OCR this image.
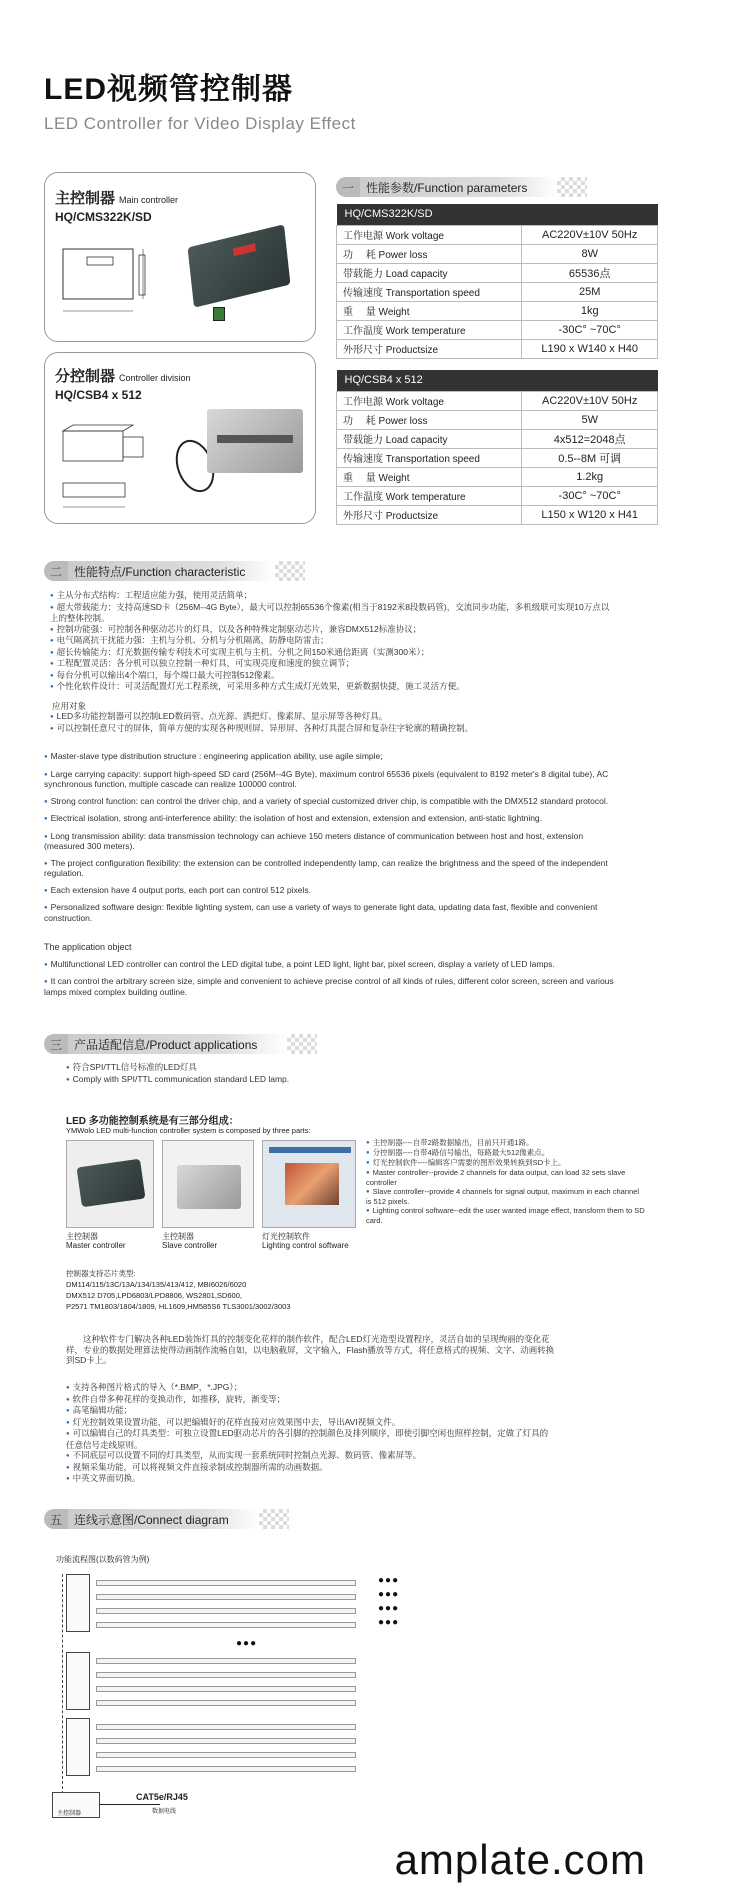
LED视频管控制器
LED Controller for Video Display Effect
主控制器 Main controller
HQ/CMS322K/SD
分控制器 Controller division
HQ/CSB4 x 512
一	性能参数/Function parameters
HQ/CMS322K/SD	
工作电源 Work voltage	AC220V±10V 50Hz
功　 耗 Power loss	8W
带载能力 Load capacity	65536点
传输速度 Transportation speed	25M
重　 量 Weight	1kg
工作温度 Work temperature	-30C° ~70C°
外形尺寸 Productsize	L190 x W140 x H40
HQ/CSB4 x 512	
工作电源 Work voltage	AC220V±10V 50Hz
功　 耗 Power loss	5W
带载能力 Load capacity	4x512=2048点
传输速度 Transportation speed	0.5--8M 可调
重　 量 Weight	1.2kg
工作温度 Work temperature	-30C° ~70C°
外形尺寸 Productsize	L150 x W120 x H41
二	性能特点/Function characteristic
● 主从分布式结构：工程适应能力强，使用灵活简单；
● 超大带载能力：支持高速SD卡（256M--4G Byte），最大可以控制65536个像素(相当于8192米8段数码管)，交流同步功能，多机级联可实现10万点以上的整体控制。
● 控制功能强：可控制各种驱动芯片的灯具，以及各种特殊定制驱动芯片，兼容DMX512标准协议；
● 电气隔离抗干扰能力强：主机与分机、分机与分机隔离，防静电防雷击；
● 超长传输能力：灯光数据传输专利技术可实现主机与主机、分机之间150米通信距离（实测300米）；
● 工程配置灵活：各分机可以独立控制一种灯具，可实现亮度和速度的独立调节；
● 每台分机可以输出4个端口，每个端口最大可控制512像素。
● 个性化软件设计：可灵活配置灯光工程系统，可采用多种方式生成灯光效果，更新数据快捷，施工灵活方便。
应用对象
● LED多功能控制器可以控制LED数码管、点光源、洒把灯、像素屏、显示屏等各种灯具。
● 可以控制任意尺寸的屏体，简单方便的实现各种规则屏、异形屏、各种灯具混合屏和复杂往字轮廓的精确控制。
● Master-slave type distribution structure : engineering application ability, use agile simple;
● Large carrying capacity: support high-speed SD card (256M--4G Byte), maximum control 65536 pixels (equivalent to 8192 meter's 8 digital tube), AC synchronous function, multiple cascade can realize 100000 control.
● Strong control function: can control the driver chip, and a variety of special customized driver chip, is compatible with the DMX512 standard protocol.
● Electrical isolation, strong anti-interference ability: the isolation of host and extension, extension and extension, anti-static lightning.
● Long transmission ability: data transmission technology can achieve 150 meters distance of communication between host and host, extension (measured 300 meters).
● The project configuration flexibility: the extension can be controlled independently lamp, can realize the brightness and the speed of the independent regulation.
● Each extension have 4 output ports, each port can control 512 pixels.
● Personalized software design: flexible lighting system, can use a variety of ways to generate light data, updating data fast, flexible and convenient construction.
The application object
● Multifunctional LED controller can control the LED digital tube, a point LED light, light bar, pixel screen, display a variety of LED lamps.
● It can control the arbitrary screen size, simple and convenient to achieve precise control of all kinds of rules, different color screen, screen and various lamps mixed complex building outline.
三	产品适配信息/Product applications
● 符合SPI/TTL信号标准的LED灯具
● Comply with SPI/TTL communication standard LED lamp.
LED 多功能控制系统是有三部分组成：
YMWolo LED multi-function controller system is composed by three parts:
主控制器
Master controller
主控制器
Slave controller
灯光控制软件
Lighting control software
● 主控制器----自带2路数据输出，目前只开通1路。
● 分控制器----自带4路信号输出，每路最大512像素点。
● 灯光控制软件----编辑客户需要的图形效果转换到SD卡上。
● Master controller--provide 2 channels for data output, can load 32 sets slave controller
● Slave controller--provide 4 channels for signal output, maximum in each channel is 512 pixels.
● Lighting control software--edit the user wanted image effect, transform them to SD card.
控制器支持芯片类型:
DM114/115/13C/13A/134/135/413/412, MBI6026/6020
DMX512 D705,LPD6803/LPD8806, WS2801,SD600,
P2571 TM1803/1804/1809, HL1609,HM585S6 TLS3001/3002/3003
这种软件专门解决各种LED装饰灯具的控制变化花样的制作软件，配合LED灯光造型设置程序，灵活自如的呈现绚丽的变化花样，专业的数据处理算法使得动画制作流畅自如，以电脑截屏，文字输入，Flash播放等方式，将任意格式的视频、文字、动画转换到SD卡上。
● 支持各种图片格式的导入（*.BMP，*.JPG）；
● 软件自带多种花样的变换动作，如推移，旋转，渐变等；
● 高笔编辑功能；
● 灯光控制效果设置功能，可以把编辑好的花样直接对应效果图中去，导出AVI视频文件。
● 可以编辑自己的灯具类型：可独立设置LED驱动芯片的各引脚的控制颜色及排列顺序，即使引脚空闲也照样控制，定做了灯具的任意信号走线原则。
● 不同底层可以设置不同的灯具类型，从而实现一套系统同时控制点光源、数码管、像素屏等。
● 视频采集功能，可以将视频文件直接录制成控制器所需的动画数据。
● 中英文界面切换。
五	连线示意图/Connect diagram
功能流程图(以数码管为例)
●●●
●●●
●●●
●●●
●●●
主控制器
CAT5e/RJ45
数据电线
amplate.com
